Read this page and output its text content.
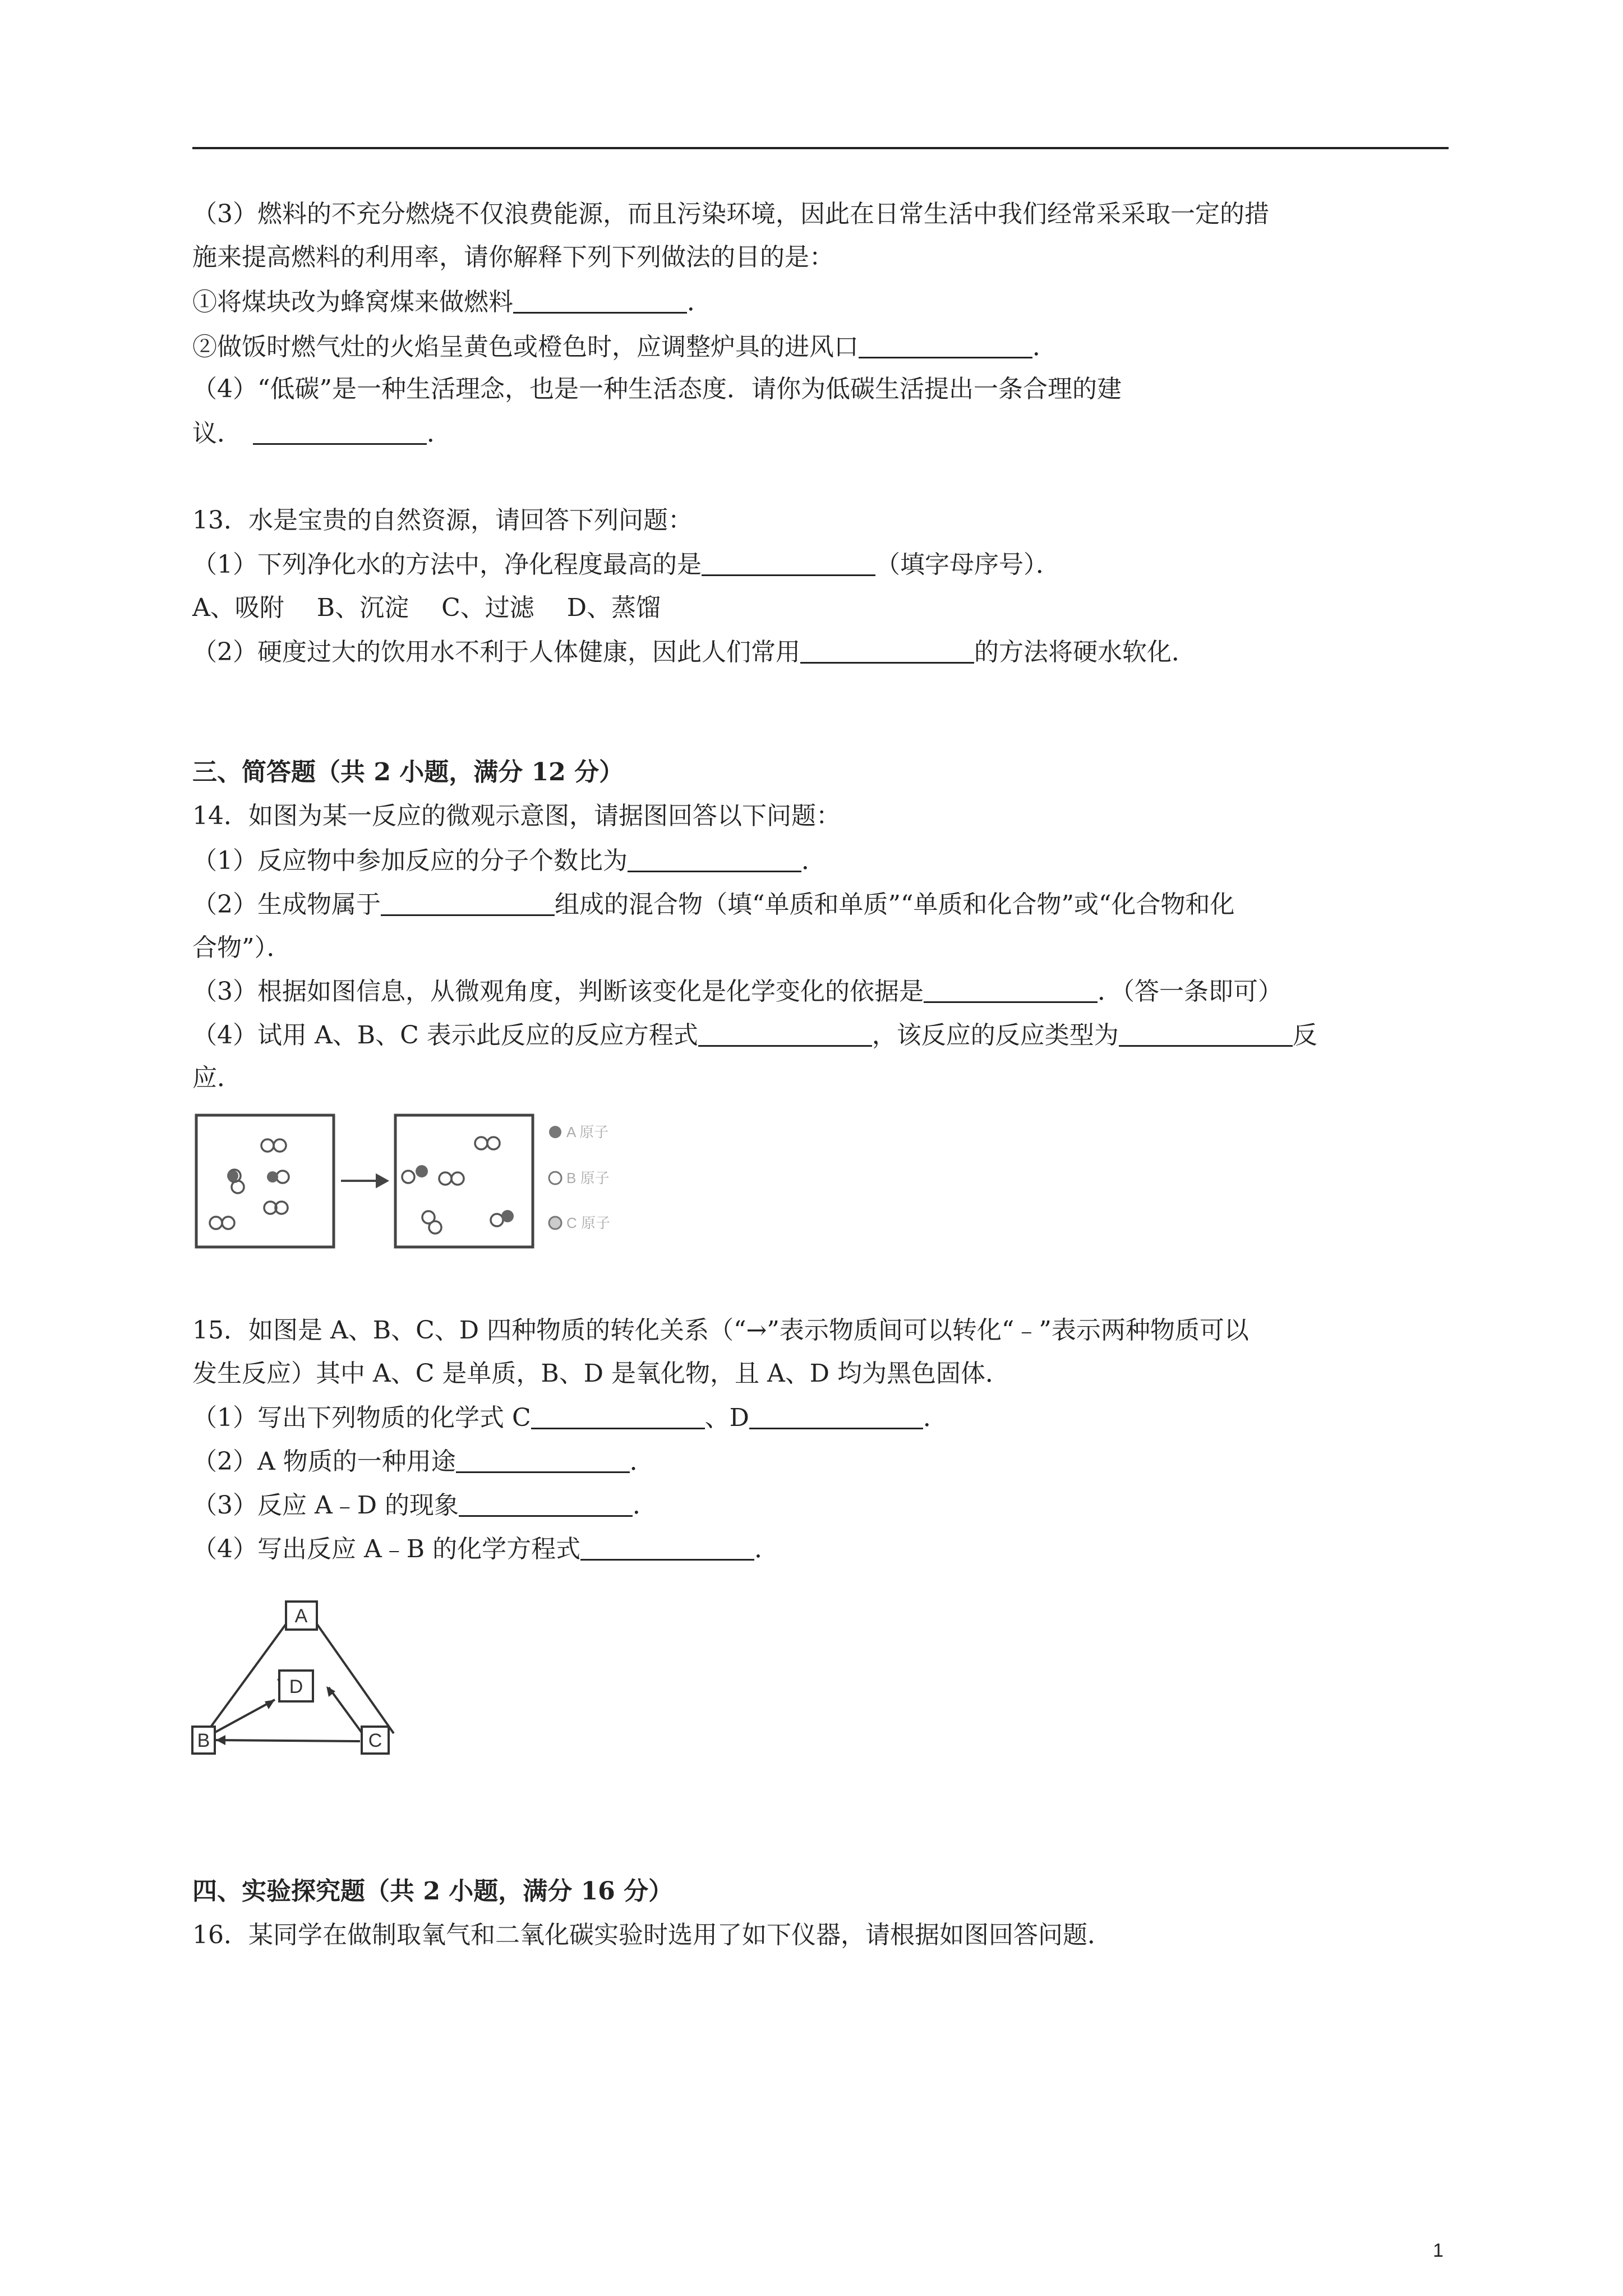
（3）燃料的不充分燃烧不仅浪费能源，而且污染环境，因此在日常生活中我们经常采采取一定的措
施来提高燃料的利用率，请你解释下列下列做法的目的是：
①将煤块改为蜂窝煤来做燃料	．
②做饭时燃气灶的火焰呈黄色或橙色时，应调整炉具的进风口	．
（4）“低碳”是一种生活理念，也是一种生活态度．请你为低碳生活提出一条合理的建
议．	．
13．水是宝贵的自然资源，请回答下列问题：
（1）下列净化水的方法中，净化程度最高的是	（填字母序号）．
A、吸附　 B、沉淀　 C、过滤　 D、蒸馏
（2）硬度过大的饮用水不利于人体健康，因此人们常用	的方法将硬水软化．
三、简答题（共 2 小题，满分 12 分）
14．如图为某一反应的微观示意图，请据图回答以下问题：
（1）反应物中参加反应的分子个数比为	．
（2）生成物属于	组成的混合物（填“单质和单质”“单质和化合物”或“化合物和化
合物”）．
（3）根据如图信息，从微观角度，判断该变化是化学变化的依据是	．（答一条即可）
（4）试用 A、B、C 表示此反应的反应方程式	，该反应的反应类型为	反
应．
A 原子
B 原子
C 原子
15．如图是 A、B、C、D 四种物质的转化关系（“→”表示物质间可以转化“﹣”表示两种物质可以
发生反应）其中 A、C 是单质，B、D 是氧化物，且 A、D 均为黑色固体．
（1）写出下列物质的化学式 C	、D	．
（2）A 物质的一种用途	．
（3）反应 A﹣D 的现象	．
（4）写出反应 A﹣B 的化学方程式	．
A
D
B	C
四、实验探究题（共 2 小题，满分 16 分）
16．某同学在做制取氧气和二氧化碳实验时选用了如下仪器，请根据如图回答问题．
1
